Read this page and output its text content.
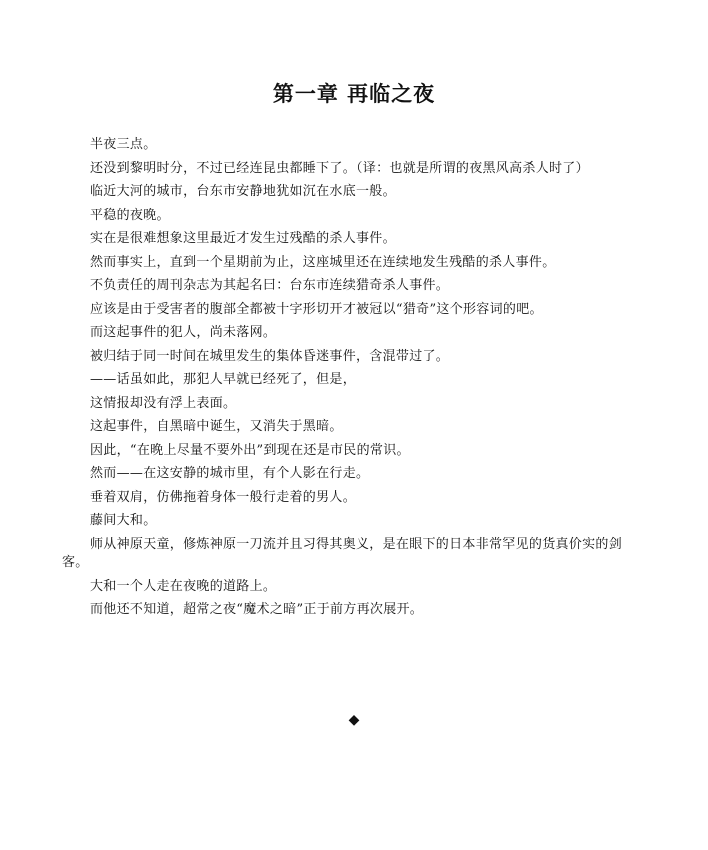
第一章 再临之夜

半夜三点。

还没到黎明时分，不过已经连昆虫都睡下了。（译：也就是所谓的夜黑风高杀人时了）

临近大河的城市，台东市安静地犹如沉在水底一般。

平稳的夜晚。

实在是很难想象这里最近才发生过残酷的杀人事件。

然而事实上，直到一个星期前为止，这座城里还在连续地发生残酷的杀人事件。

不负责任的周刊杂志为其起名曰：台东市连续猎奇杀人事件。

应该是由于受害者的腹部全都被十字形切开才被冠以“猎奇”这个形容词的吧。

而这起事件的犯人，尚未落网。

被归结于同一时间在城里发生的集体昏迷事件，含混带过了。

——话虽如此，那犯人早就已经死了，但是，

这情报却没有浮上表面。

这起事件，自黑暗中诞生，又消失于黑暗。

因此，“在晚上尽量不要外出”到现在还是市民的常识。

然而——在这安静的城市里，有个人影在行走。

垂着双肩，仿佛拖着身体一般行走着的男人。

藤间大和。

师从神原天童，修炼神原一刀流并且习得其奥义，是在眼下的日本非常罕见的货真价实的剑客。

大和一个人走在夜晚的道路上。

而他还不知道，超常之夜“魔术之暗”正于前方再次展开。

◆
